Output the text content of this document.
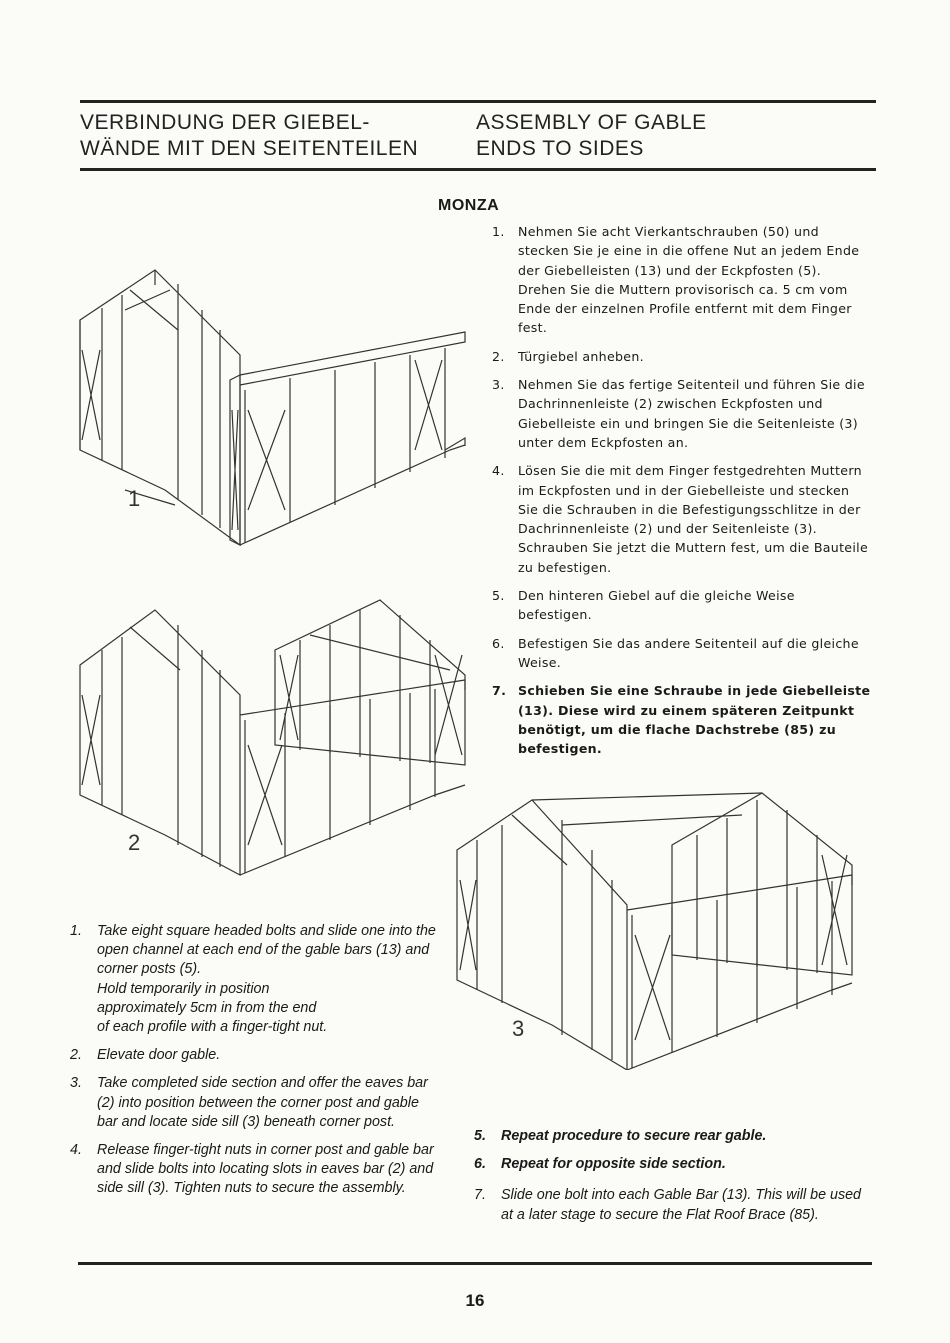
VERBINDUNG DER GIEBEL-
WÄNDE MIT DEN SEITENTEILEN
ASSEMBLY OF GABLE
ENDS TO SIDES
MONZA
1. Nehmen Sie acht Vierkantschrauben (50) und stecken Sie je eine in die offene Nut an jedem Ende der Giebelleisten (13) und der Eckpfosten (5). Drehen Sie die Muttern provisorisch ca. 5 cm vom Ende der einzelnen Profile entfernt mit dem Finger fest.
2. Türgiebel anheben.
3. Nehmen Sie das fertige Seitenteil und führen Sie die Dachrinnenleiste (2) zwischen Eckpfosten und Giebelleiste ein und bringen Sie die Seitenleiste (3) unter dem Eckpfosten an.
4. Lösen Sie die mit dem Finger festgedrehten Muttern im Eckpfosten und in der Giebelleiste und stecken Sie die Schrauben in die Befestigungsschlitze in der Dachrinnenleiste (2) und der Seitenleiste (3). Schrauben Sie jetzt die Muttern fest, um die Bauteile zu befestigen.
5. Den hinteren Giebel auf die gleiche Weise befestigen.
6. Befestigen Sie das andere Seitenteil auf die gleiche Weise.
7. Schieben Sie eine Schraube in jede Giebelleiste (13). Diese wird zu einem späteren Zeitpunkt benötigt, um die flache Dachstrebe (85) zu befestigen.
1
2
3
1. Take eight square headed bolts and slide one into the open channel at each end of the gable bars (13) and corner posts (5).
Hold temporarily in position approximately 5cm in from the end of each profile with a finger-tight nut.
2. Elevate door gable.
3. Take completed side section and offer the eaves bar (2) into position between the corner post and gable bar and locate side sill (3) beneath corner post.
4. Release finger-tight nuts in corner post and gable bar and slide bolts into locating slots in eaves bar (2) and side sill (3). Tighten nuts to secure the assembly.
5. Repeat procedure to secure rear gable.
6. Repeat for opposite side section.
7. Slide one bolt into each Gable Bar (13). This will be used at a later stage to secure the Flat Roof Brace (85).
16
